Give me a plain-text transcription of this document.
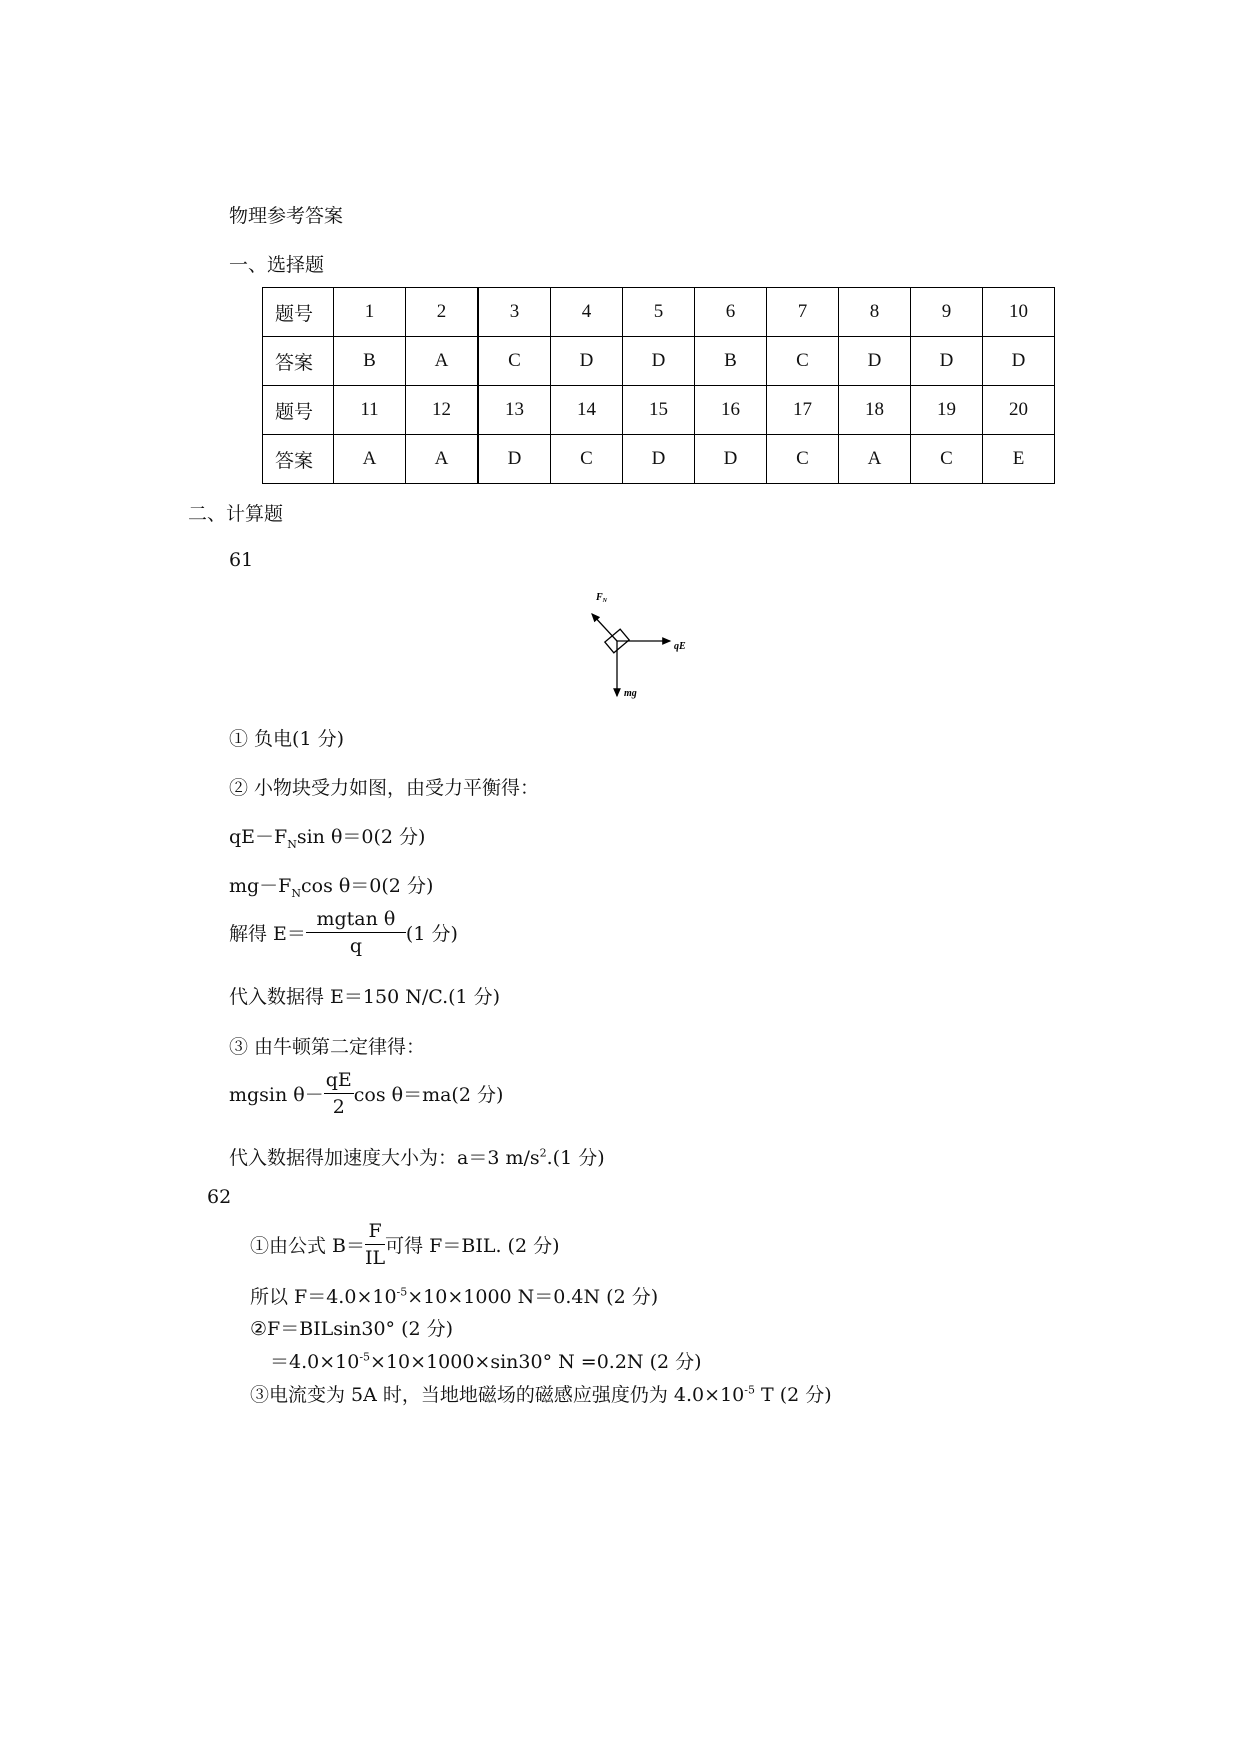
物理参考答案
一、选择题
题号	1	2	3	4	5	6	7	8	9	10
答案	B	A	C	D	D	B	C	D	D	D
题号	11	12	13	14	15	16	17	18	19	20
答案	A	A	D	C	D	D	C	A	C	E
二、计算题
61
$F_N$
qE
mg
① 负电(1 分)
② 小物块受力如图，由受力平衡得：
$qE-F_N\sin$ θ＝0(2 分)
$mg-F_N\cos$ θ＝0(2 分)
解得 $E= \frac{\text{mgtan θ}}{q} (1$ 分)
代入数据得 E＝150 N/C.(1 分)
③ 由牛顿第二定律得：
mgsin $\theta- \frac{qE}{2}$ cos θ＝ma(2 分)
代入数据得加速度大小为：a＝3 $m/s^2.(1$ 分)
62
①由公式 $B= \frac{F}{IL}$ 可得 F＝BIL. (2 分)
所以 $F=4.0\times 10^{-5}\times 10\times 1000$ N＝0.4N (2 分)
②F＝BILsin30° (2 分)
$=4.0\times 10^{-5}\times 10\times 1000\times\sin 30^\circ$ N =0.2N (2 分)
③电流变为 5A 时，当地地磁场的磁感应强度仍为 $4.0\times 10^{-5}$ T (2 分)
